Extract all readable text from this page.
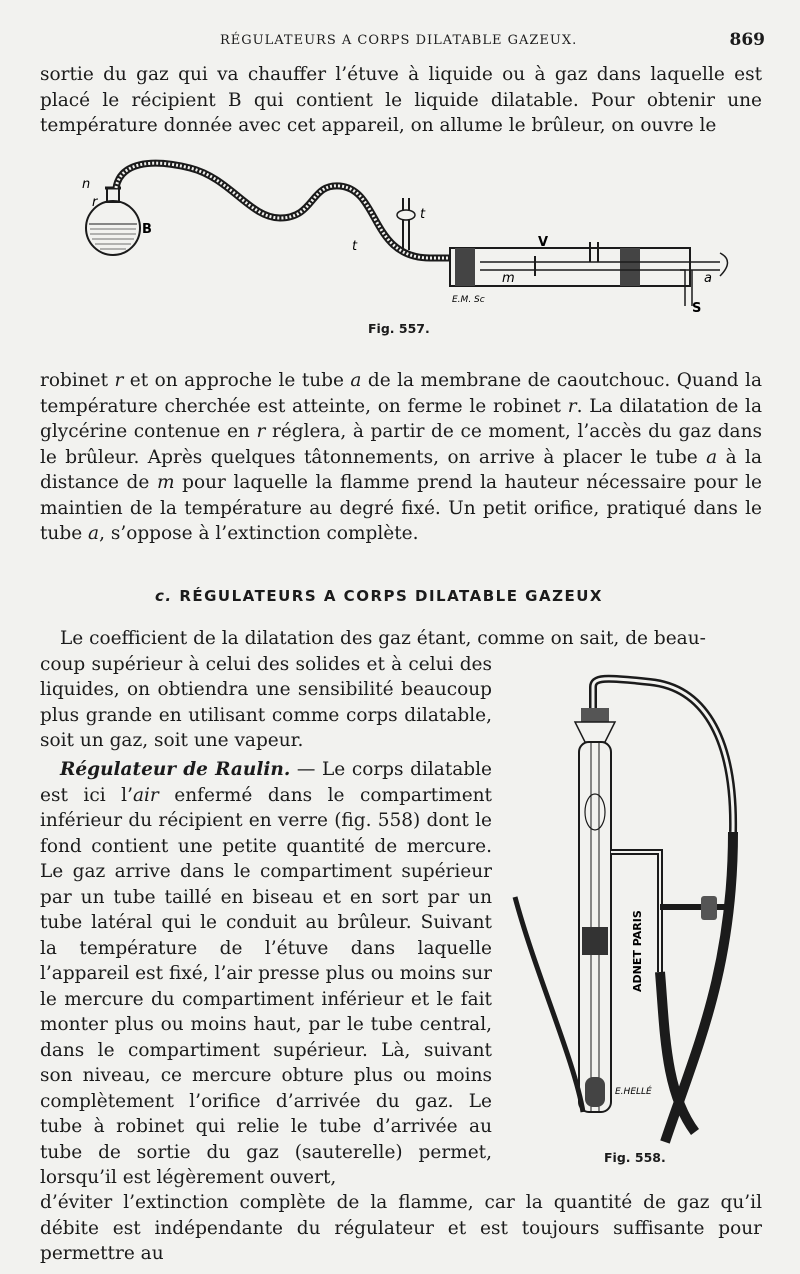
RÉGULATEURS A CORPS DILATABLE GAZEUX.	869

sortie du gaz qui va chauffer l’étuve à liquide ou à gaz dans laquelle est placé le récipient B qui contient le liquide dilatable. Pour obtenir une température donnée avec cet appareil, on allume le brûleur, on ouvre le

n
r
B
t
t	V
m	a
S
E.M. Sc
Fig. 557.

robinet r et on approche le tube a de la membrane de caoutchouc. Quand la température cherchée est atteinte, on ferme le robinet r. La dilatation de la glycérine contenue en r réglera, à partir de ce moment, l’accès du gaz dans le brûleur. Après quelques tâtonnements, on arrive à placer le tube a à la distance de m pour laquelle la flamme prend la hauteur nécessaire pour le maintien de la température au degré fixé. Un petit orifice, pratiqué dans le tube a, s’oppose à l’extinction complète.

c. RÉGULATEURS A CORPS DILATABLE GAZEUX

Le coefficient de la dilatation des gaz étant, comme on sait, de beau-

coup supérieur à celui des solides et à celui des liquides, on obtiendra une sensibilité beaucoup plus grande en utilisant comme corps dilatable, soit un gaz, soit une vapeur.

Régulateur de Raulin. — Le corps dilatable est ici l’air enfermé dans le compartiment inférieur du récipient en verre (fig. 558) dont le fond contient une petite quantité de mercure. Le gaz arrive dans le compartiment supérieur par un tube taillé en biseau et en sort par un tube latéral qui le conduit au brûleur. Suivant la température de l’étuve dans laquelle l’appareil est fixé, l’air presse plus ou moins sur le mercure du compartiment inférieur et le fait monter plus ou moins haut, par le tube central, dans le compartiment supérieur. Là, suivant son niveau, ce mercure obture plus ou moins complètement l’orifice d’arrivée du gaz. Le tube à robinet qui relie le tube d’arrivée au tube de sortie du gaz (sauterelle) permet, lorsqu’il est légèrement ouvert,

ADNET PARIS
E.HELLÉ
Fig. 558.

d’éviter l’extinction complète de la flamme, car la quantité de gaz qu’il débite est indépendante du régulateur et est toujours suffisante pour permettre au
